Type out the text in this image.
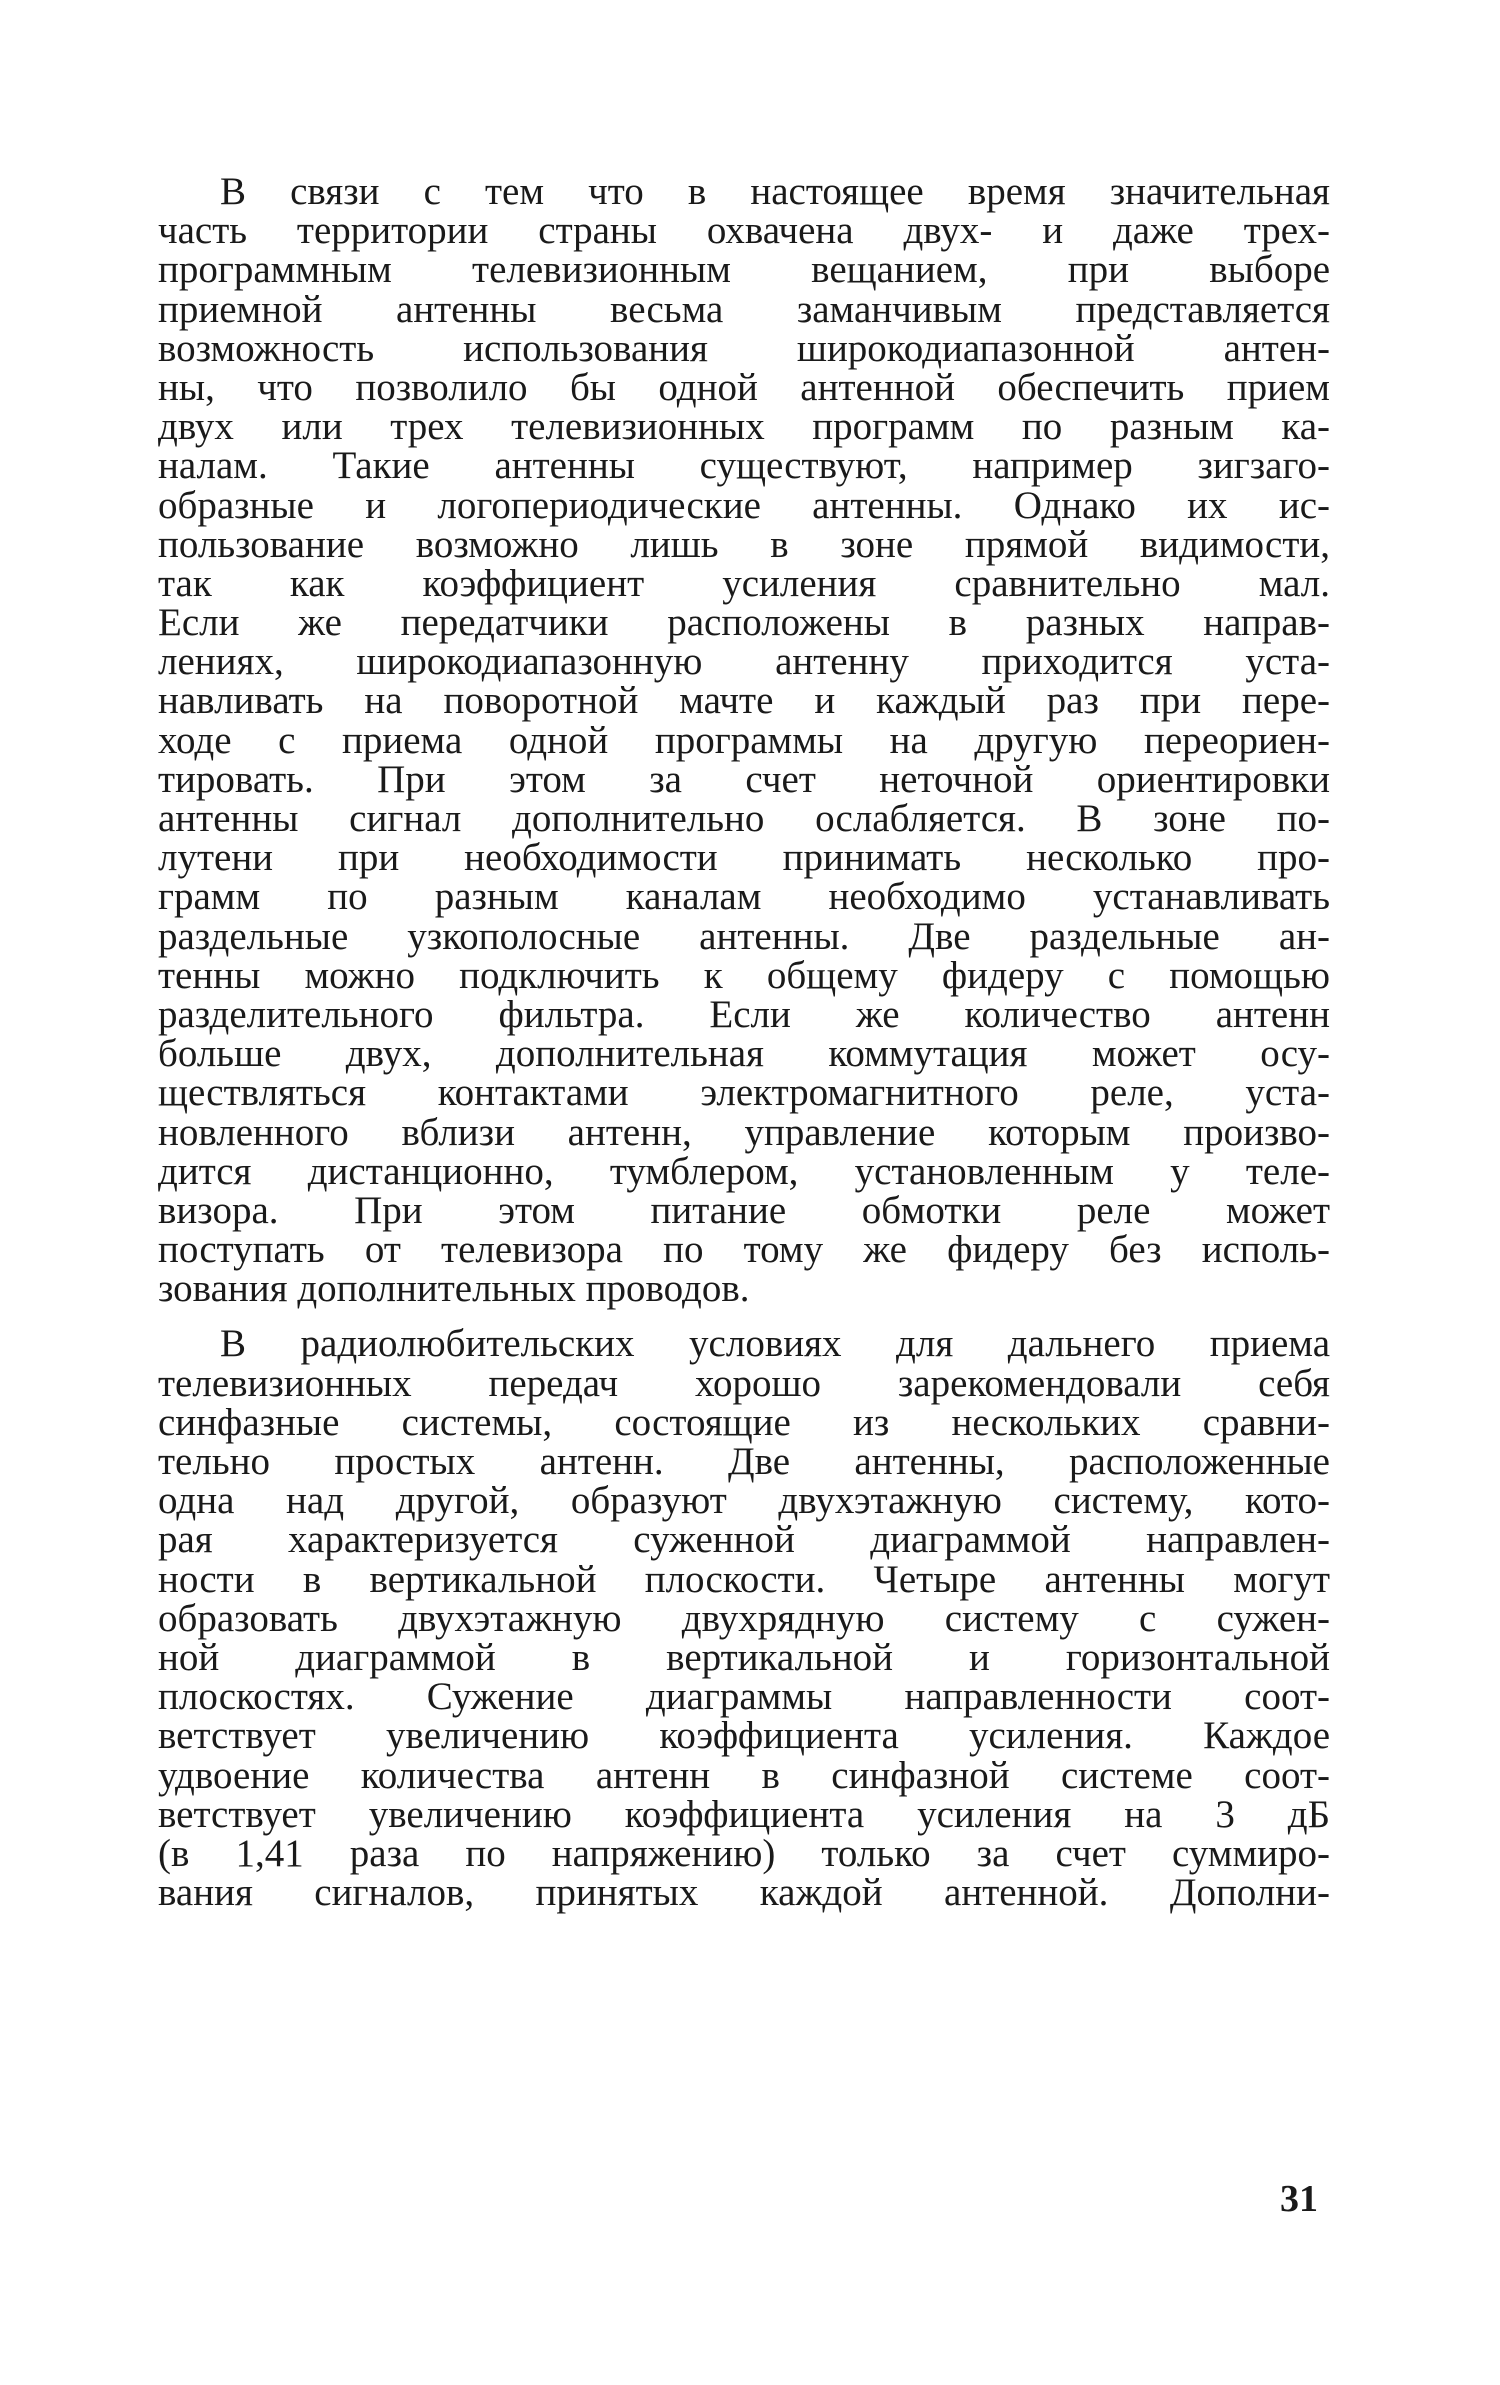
В связи с тем что в настоящее время значительная
часть территории страны охвачена двух- и даже трех-
программным телевизионным вещанием, при выборе
приемной антенны весьма заманчивым представляется
возможность использования широкодиапазонной антен-
ны, что позволило бы одной антенной обеспечить прием
двух или трех телевизионных программ по разным ка-
налам. Такие антенны существуют, например зигзаго-
образные и логопериодические антенны. Однако их ис-
пользование возможно лишь в зоне прямой видимости,
так как коэффициент усиления сравнительно мал.
Если же передатчики расположены в разных направ-
лениях, широкодиапазонную антенну приходится уста-
навливать на поворотной мачте и каждый раз при пере-
ходе с приема одной программы на другую переориен-
тировать. При этом за счет неточной ориентировки
антенны сигнал дополнительно ослабляется. В зоне по-
лутени при необходимости принимать несколько про-
грамм по разным каналам необходимо устанавливать
раздельные узкополосные антенны. Две раздельные ан-
тенны можно подключить к общему фидеру с помощью
разделительного фильтра. Если же количество антенн
больше двух, дополнительная коммутация может осу-
ществляться контактами электромагнитного реле, уста-
новленного вблизи антенн, управление которым произво-
дится дистанционно, тумблером, установленным у теле-
визора. При этом питание обмотки реле может
поступать от телевизора по тому же фидеру без исполь-
зования дополнительных проводов.
В радиолюбительских условиях для дальнего приема
телевизионных передач хорошо зарекомендовали себя
синфазные системы, состоящие из нескольких сравни-
тельно простых антенн. Две антенны, расположенные
одна над другой, образуют двухэтажную систему, кото-
рая характеризуется суженной диаграммой направлен-
ности в вертикальной плоскости. Четыре антенны могут
образовать двухэтажную двухрядную систему с сужен-
ной диаграммой в вертикальной и горизонтальной
плоскостях. Сужение диаграммы направленности соот-
ветствует увеличению коэффициента усиления. Каждое
удвоение количества антенн в синфазной системе соот-
ветствует увеличению коэффициента усиления на 3 дБ
(в 1,41 раза по напряжению) только за счет суммиро-
вания сигналов, принятых каждой антенной. Дополни-
31
